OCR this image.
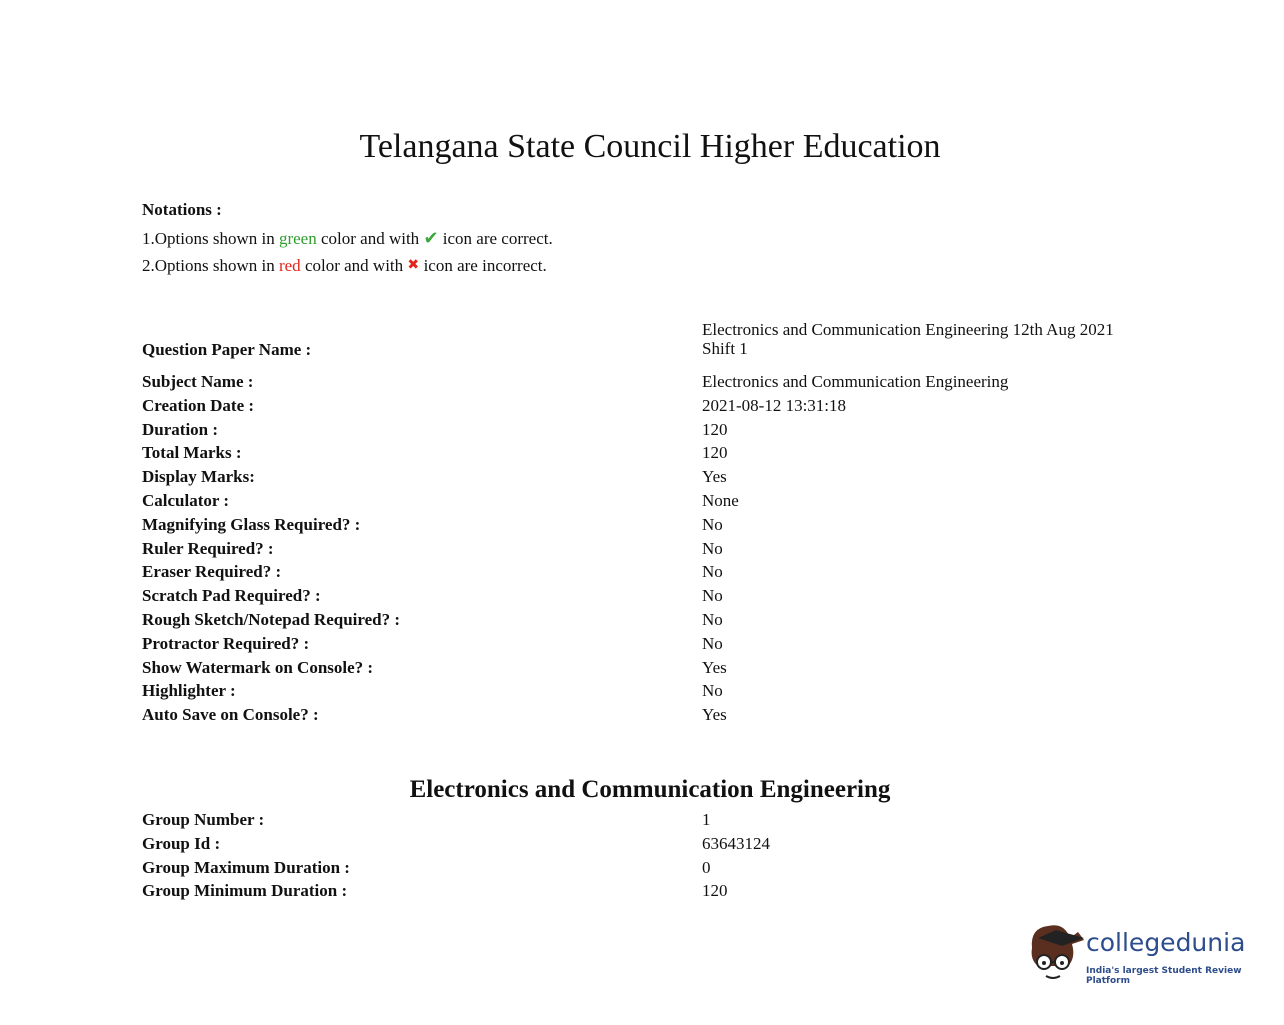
Telangana State Council Higher Education
Notations :
1.Options shown in green color and with ✔ icon are correct.
2.Options shown in red color and with ✖ icon are incorrect.
Question Paper Name :
Electronics and Communication Engineering 12th Aug 2021 Shift 1
Subject Name :	Electronics and Communication Engineering
Creation Date :	2021-08-12 13:31:18
Duration :	120
Total Marks :	120
Display Marks:	Yes
Calculator :	None
Magnifying Glass Required? :	No
Ruler Required? :	No
Eraser Required? :	No
Scratch Pad Required? :	No
Rough Sketch/Notepad Required? :	No
Protractor Required? :	No
Show Watermark on Console? :	Yes
Highlighter :	No
Auto Save on Console? :	Yes
Electronics and Communication Engineering
Group Number :	1
Group Id :	63643124
Group Maximum Duration :	0
Group Minimum Duration :	120
collegedunia
India's largest Student Review Platform
